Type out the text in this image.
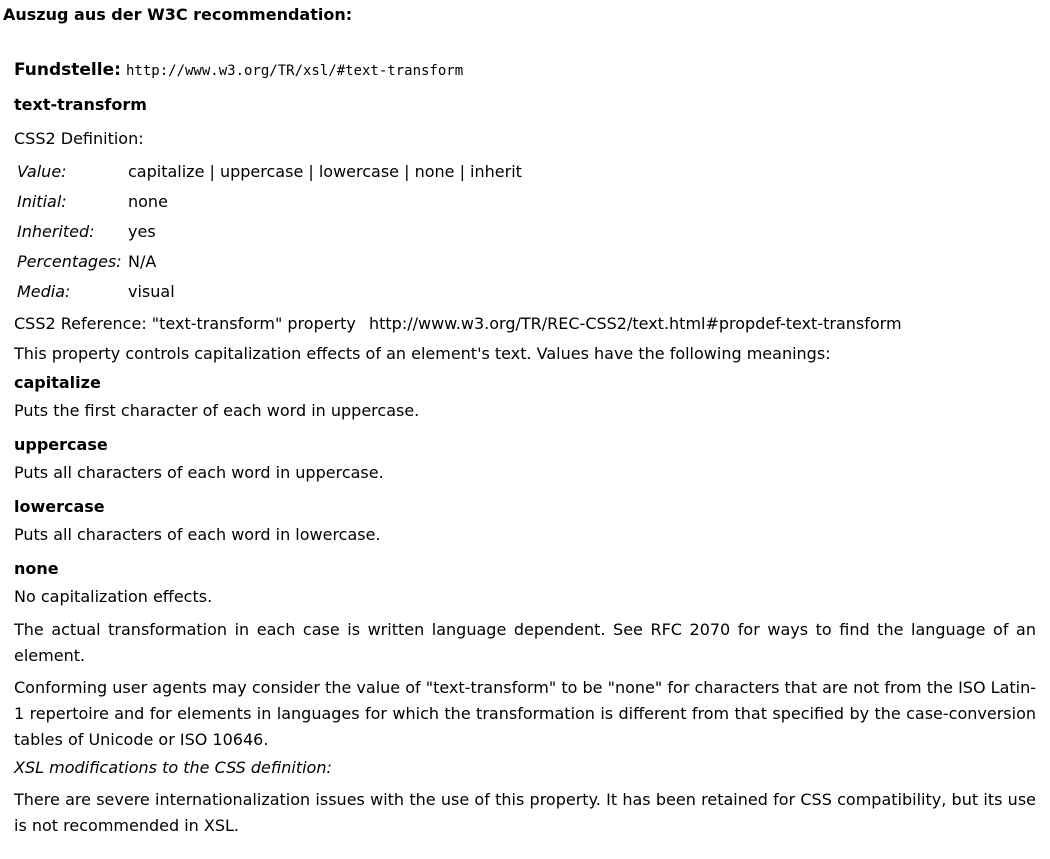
Auszug aus der W3C recommendation:
Fundstelle: http://www.w3.org/TR/xsl/#text-transform
text-transform
CSS2 Definition:
Value:	capitalize | uppercase | lowercase | none | inherit
Initial:	none
Inherited:	yes
Percentages:	N/A
Media:	visual
CSS2 Reference: "text-transform" property http://www.w3.org/TR/REC-CSS2/text.html#propdef-text-transform
This property controls capitalization effects of an element's text. Values have the following meanings:
capitalize
Puts the first character of each word in uppercase.
uppercase
Puts all characters of each word in uppercase.
lowercase
Puts all characters of each word in lowercase.
none
No capitalization effects.
The actual transformation in each case is written language dependent. See RFC 2070 for ways to find the language of an element.
Conforming user agents may consider the value of "text-transform" to be "none" for characters that are not from the ISO Latin-1 repertoire and for elements in languages for which the transformation is different from that specified by the case-conversion tables of Unicode or ISO 10646.
XSL modifications to the CSS definition:
There are severe internationalization issues with the use of this property. It has been retained for CSS compatibility, but its use is not recommended in XSL.
